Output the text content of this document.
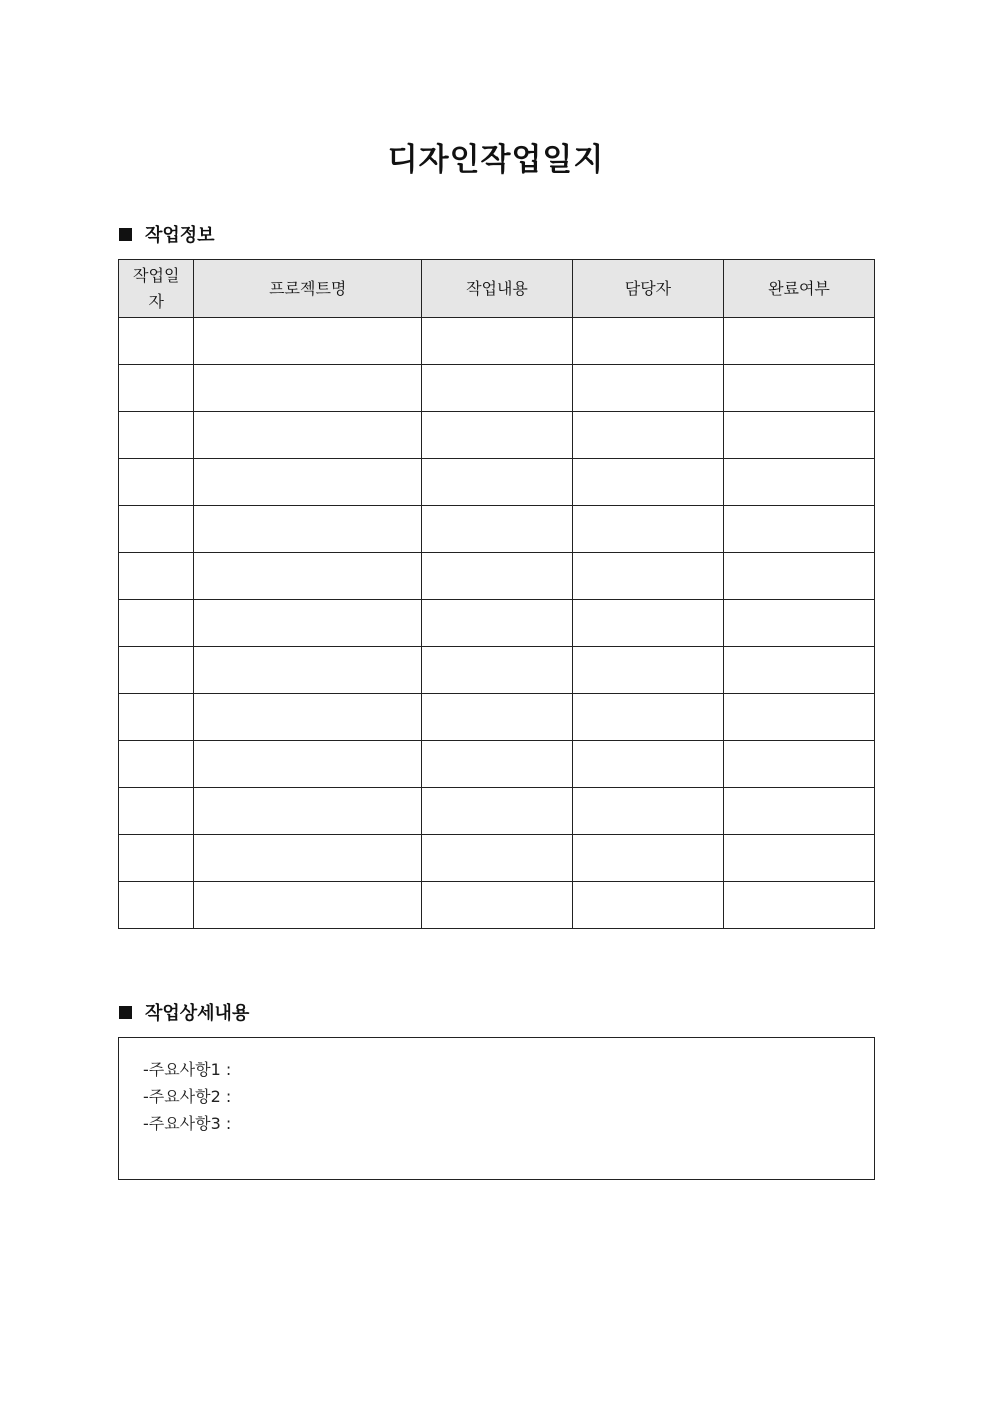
디자인작업일지
작업정보
작업일자	프로젝트명	작업내용	담당자	완료여부

작업상세내용
-주요사항1 :
-주요사항2 :
-주요사항3 :
